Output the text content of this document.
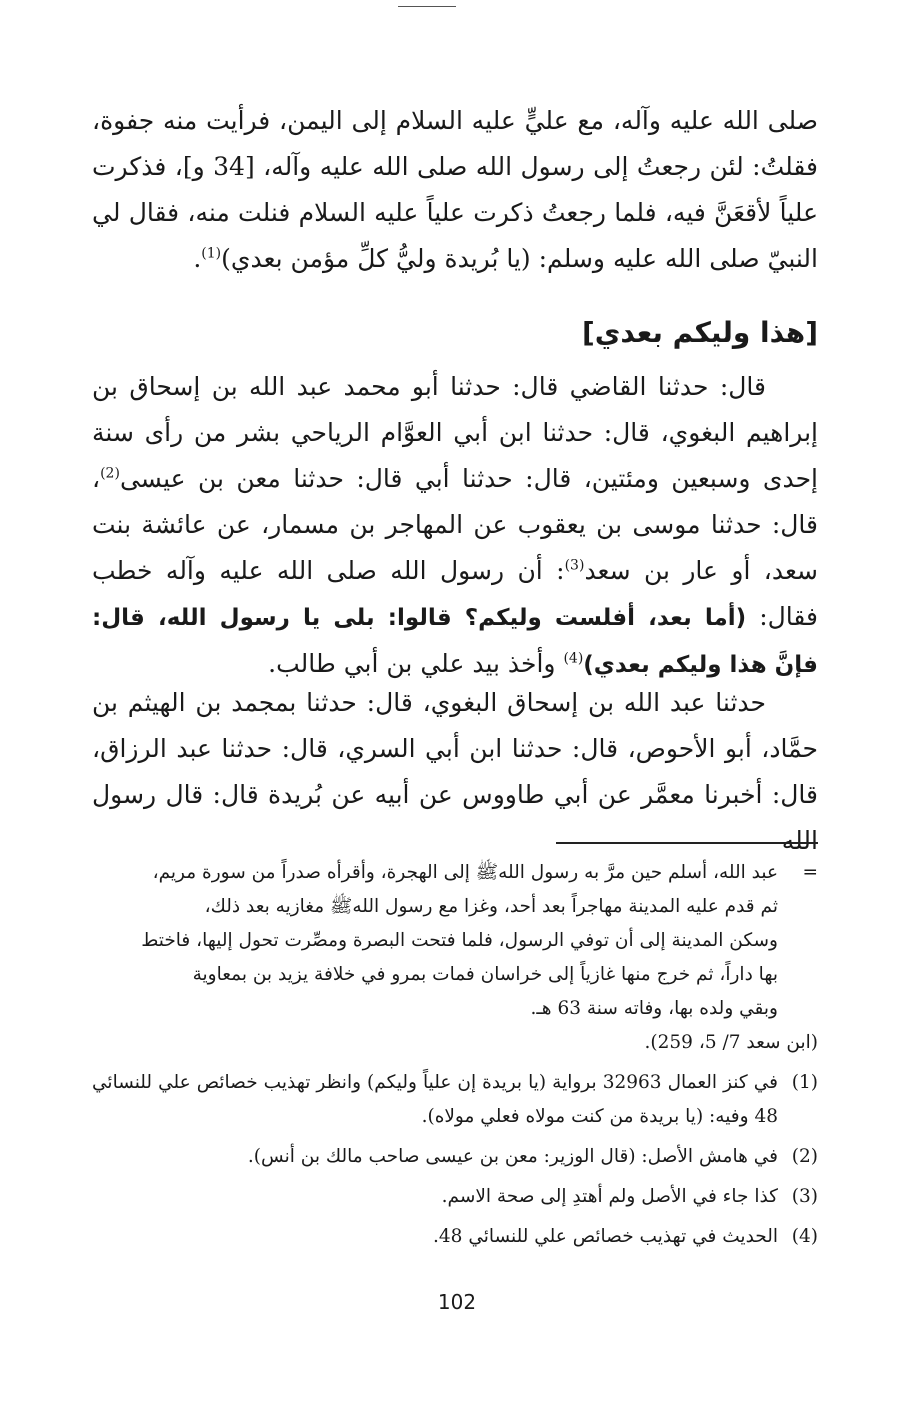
صلى الله عليه وآله، مع عليٍّ عليه السلام إلى اليمن، فرأيت منه جفوة، فقلتُ: لئن رجعتُ إلى رسول الله صلى الله عليه وآله، [34 و]، فذكرت علياً لأقعَنَّ فيه، فلما رجعتُ ذكرت علياً عليه السلام فنلت منه، فقال لي النبيّ صلى الله عليه وسلم: (يا بُريدة وليُّ كلِّ مؤمن بعدي)$^{(1)}$.

[هذا وليكم بعدي]

قال: حدثنا القاضي قال: حدثنا أبو محمد عبد الله بن إسحاق بن إبراهيم البغوي، قال: حدثنا ابن أبي العوَّام الرياحي بشر من رأى سنة إحدى وسبعين ومئتين، قال: حدثنا أبي قال: حدثنا معن بن عيسى$^{(2)}$، قال: حدثنا موسى بن يعقوب عن المهاجر بن مسمار، عن عائشة بنت سعد، أو عار بن سعد$^{(3)}$: أن رسول الله صلى الله عليه وآله خطب فقال: (أما بعد، أفلست وليكم؟ قالوا: بلى يا رسول الله، قال: فإنَّ هذا وليكم بعدي)$^{(4)}$ وأخذ بيد علي بن أبي طالب.

حدثنا عبد الله بن إسحاق البغوي، قال: حدثنا بمجمد بن الهيثم بن حمَّاد، أبو الأحوص، قال: حدثنا ابن أبي السري، قال: حدثنا عبد الرزاق، قال: أخبرنا معمَّر عن أبي طاووس عن أبيه عن بُريدة قال: قال رسول الله

=
عبد الله، أسلم حين مرَّ به رسول اللهﷺ إلى الهجرة، وأقرأه صدراً من سورة مريم،
ثم قدم عليه المدينة مهاجراً بعد أحد، وغزا مع رسول اللهﷺ مغازيه بعد ذلك،
وسكن المدينة إلى أن توفي الرسول، فلما فتحت البصرة ومصِّرت تحول إليها، فاختط
بها داراً، ثم خرج منها غازياً إلى خراسان فمات بمرو في خلافة يزيد بن بمعاوية
وبقي ولده بها، وفاته سنة 63 هـ.
(ابن سعد 7/ 5، 259).
(1)
في كنز العمال 32963 برواية (يا بريدة إن علياً وليكم) وانظر تهذيب خصائص علي للنسائي 48 وفيه: (يا بريدة من كنت مولاه فعلي مولاه).
(2)
في هامش الأصل: (قال الوزير: معن بن عيسى صاحب مالك بن أنس).
(3)
كذا جاء في الأصل ولم أهتدِ إلى صحة الاسم.
(4)
الحديث في تهذيب خصائص علي للنسائي 48.
102
